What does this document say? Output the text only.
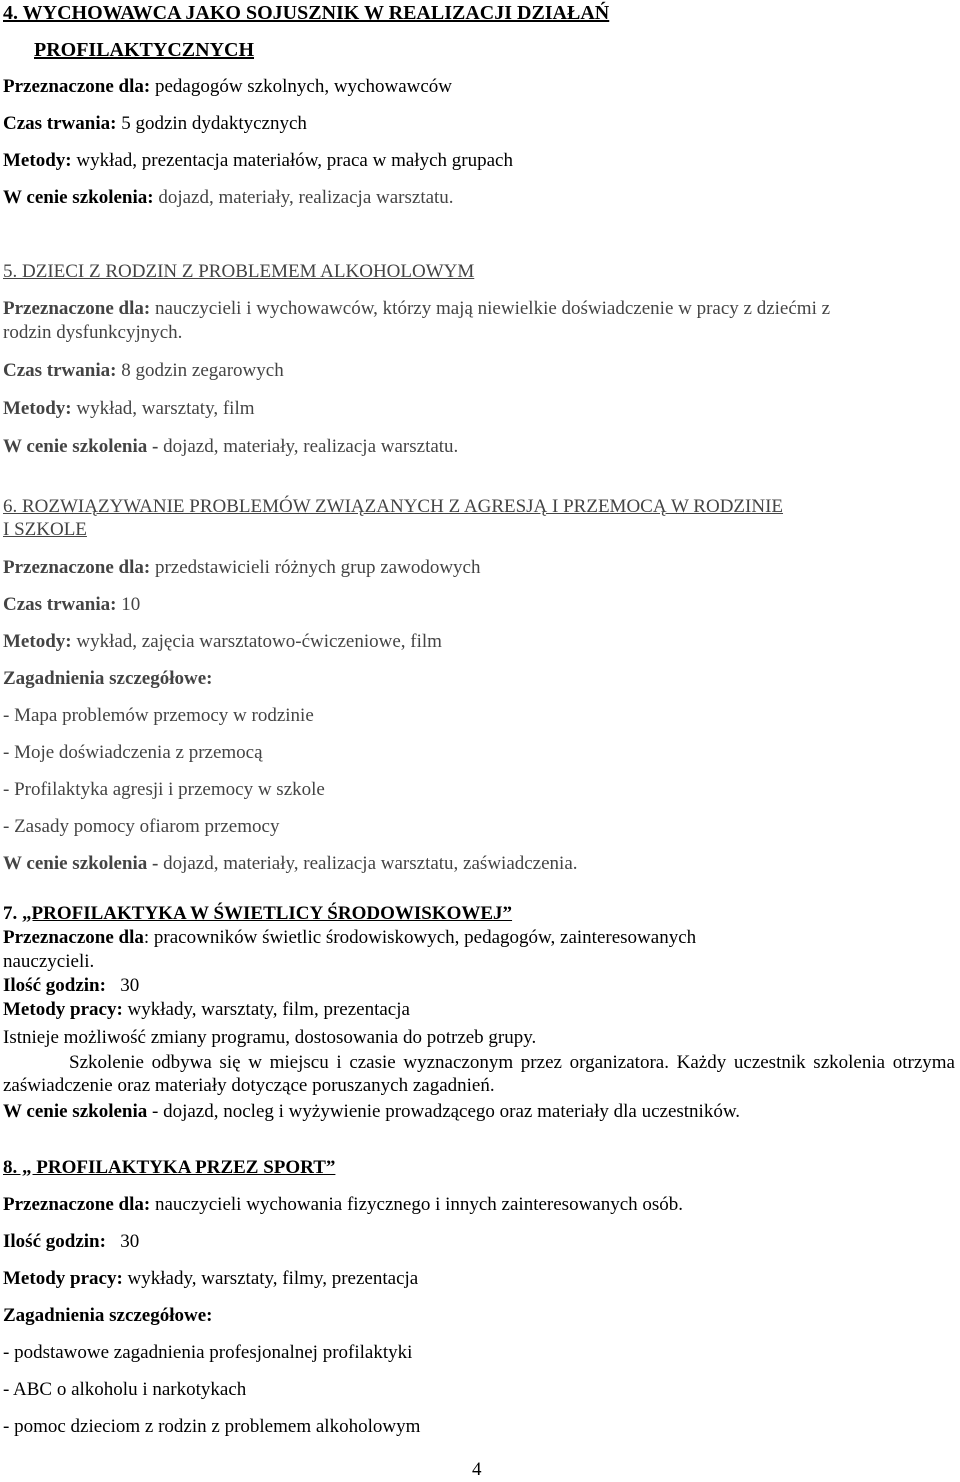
4. WYCHOWAWCA JAKO SOJUSZNIK W REALIZACJI DZIAŁAŃ
PROFILAKTYCZNYCH
Przeznaczone dla: pedagogów szkolnych, wychowawców
Czas trwania: 5 godzin dydaktycznych
Metody: wykład, prezentacja materiałów, praca w małych grupach
W cenie szkolenia: dojazd, materiały, realizacja warsztatu.
5. DZIECI Z RODZIN Z PROBLEMEM ALKOHOLOWYM
Przeznaczone dla: nauczycieli i wychowawców, którzy mają niewielkie doświadczenie w pracy z dziećmi z
rodzin dysfunkcyjnych.
Czas trwania: 8 godzin zegarowych
Metody: wykład, warsztaty, film
W cenie szkolenia - dojazd, materiały, realizacja warsztatu.
6. ROZWIĄZYWANIE PROBLEMÓW ZWIĄZANYCH Z AGRESJĄ I PRZEMOCĄ W RODZINIE
I SZKOLE
Przeznaczone dla: przedstawicieli różnych grup zawodowych
Czas trwania: 10
Metody: wykład, zajęcia warsztatowo-ćwiczeniowe, film
Zagadnienia szczegółowe:
- Mapa problemów przemocy w rodzinie
- Moje doświadczenia z przemocą
- Profilaktyka agresji i przemocy w szkole
- Zasady pomocy ofiarom przemocy
W cenie szkolenia - dojazd, materiały, realizacja warsztatu, zaświadczenia.
7. „PROFILAKTYKA W ŚWIETLICY ŚRODOWISKOWEJ”
Przeznaczone dla: pracowników świetlic środowiskowych, pedagogów, zainteresowanych
nauczycieli.
Ilość godzin:   30
Metody pracy: wykłady, warsztaty, film, prezentacja
Istnieje możliwość zmiany programu, dostosowania do potrzeb grupy.
Szkolenie odbywa się w miejscu i czasie wyznaczonym przez organizatora. Każdy uczestnik szkolenia otrzyma zaświadczenie oraz materiały dotyczące poruszanych zagadnień.
W cenie szkolenia - dojazd, nocleg i wyżywienie prowadzącego oraz materiały dla uczestników.
8. „ PROFILAKTYKA PRZEZ SPORT”
Przeznaczone dla: nauczycieli wychowania fizycznego i innych zainteresowanych osób.
Ilość godzin:   30
Metody pracy: wykłady, warsztaty, filmy, prezentacja
Zagadnienia szczegółowe:
- podstawowe zagadnienia profesjonalnej profilaktyki
- ABC o alkoholu i narkotykach
- pomoc dzieciom z rodzin z problemem alkoholowym
4
